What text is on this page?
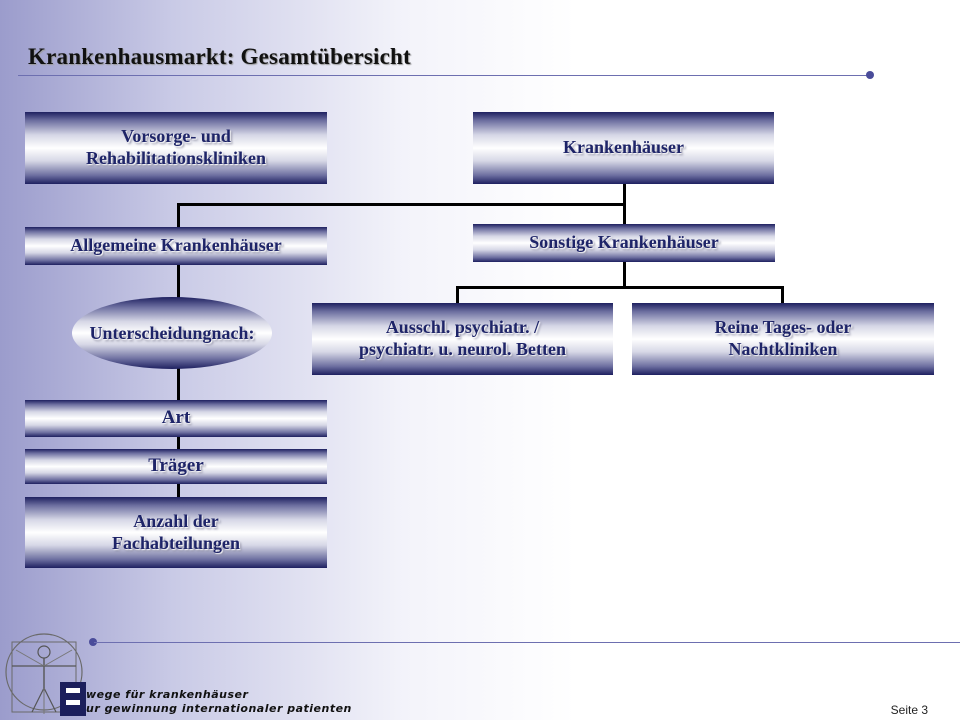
Krankenhausmarkt: Gesamtübersicht
Vorsorge- und
Rehabilitationskliniken
Krankenhäuser
Allgemeine Krankenhäuser	Sonstige Krankenhäuser
Unterscheidungnach:	Ausschl. psychiatr. /
psychiatr. u. neurol. Betten
Reine Tages- oder
Nachtkliniken
Art
Träger
Anzahl der
Fachabteilungen
wege für krankenhäuser
ur gewinnung internationaler patienten	Seite 3
